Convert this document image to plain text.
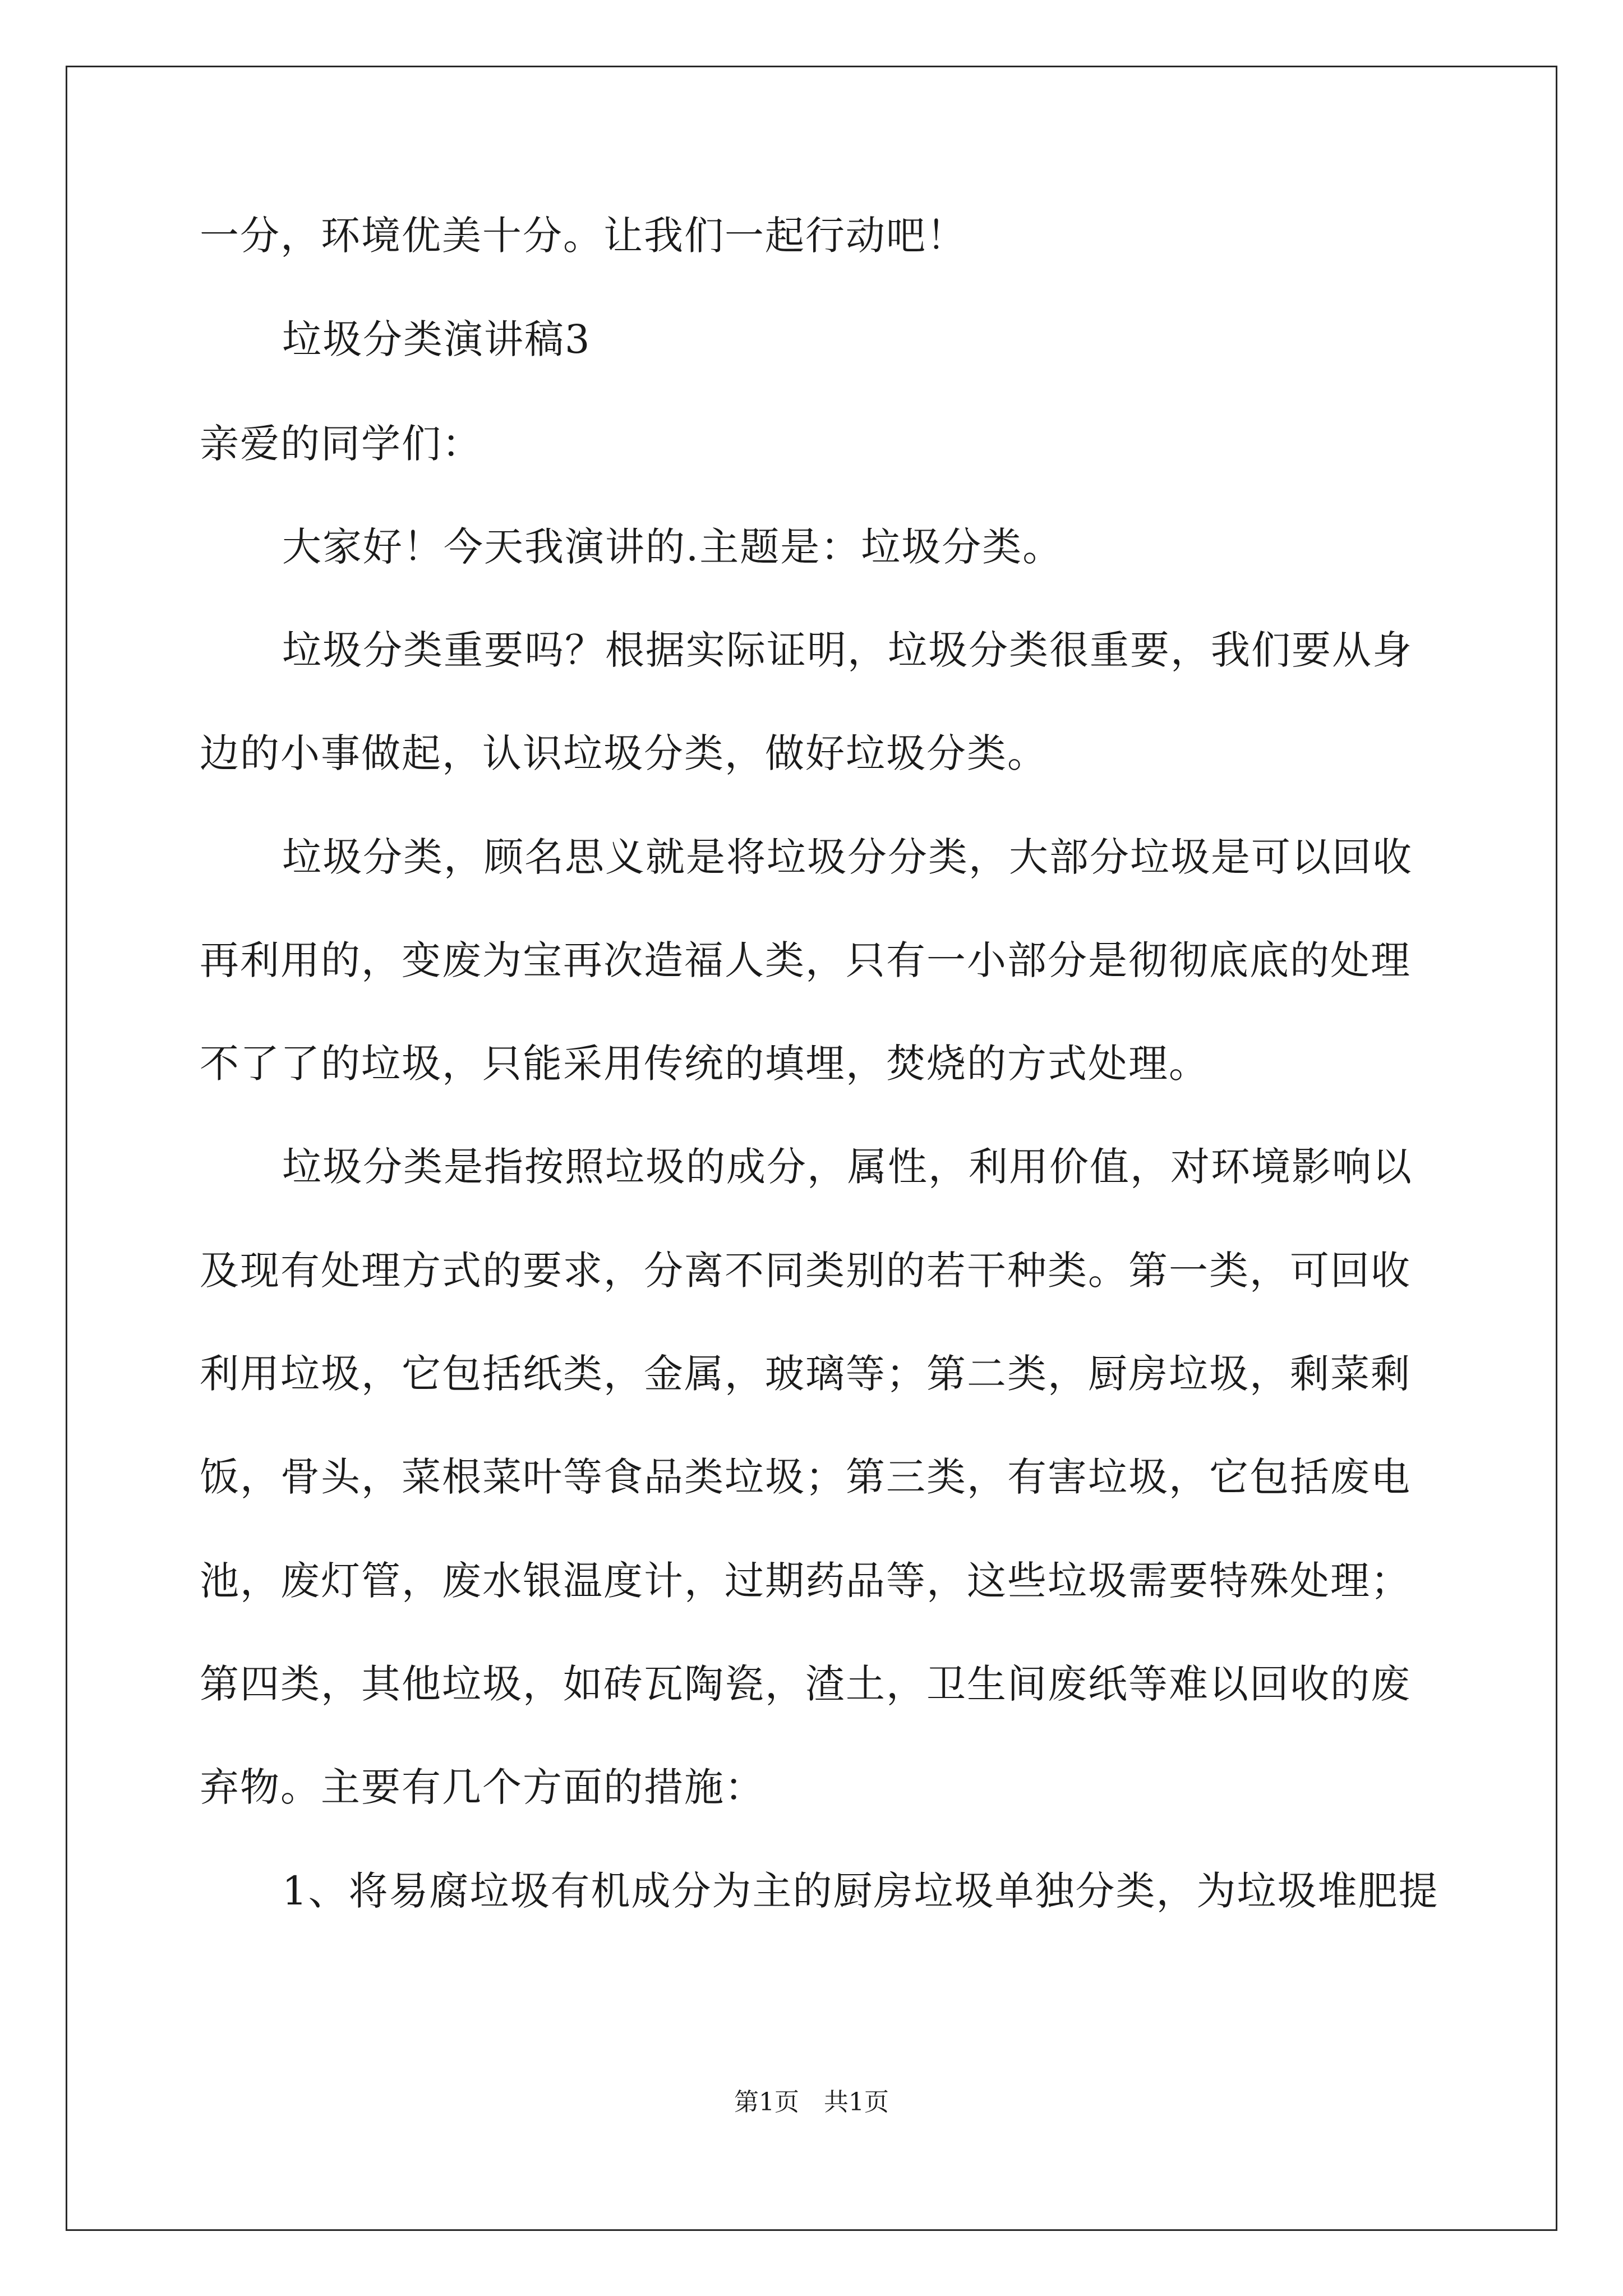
一分，环境优美十分。让我们一起行动吧！
垃圾分类演讲稿3
亲爱的同学们：
大家好！今天我演讲的.主题是：垃圾分类。
垃圾分类重要吗？根据实际证明，垃圾分类很重要，我们要从身
边的小事做起，认识垃圾分类，做好垃圾分类。
垃圾分类，顾名思义就是将垃圾分分类，大部分垃圾是可以回收
再利用的，变废为宝再次造福人类，只有一小部分是彻彻底底的处理
不了了的垃圾，只能采用传统的填埋，焚烧的方式处理。
垃圾分类是指按照垃圾的成分，属性，利用价值，对环境影响以
及现有处理方式的要求，分离不同类别的若干种类。第一类，可回收
利用垃圾，它包括纸类，金属，玻璃等；第二类，厨房垃圾，剩菜剩
饭，骨头，菜根菜叶等食品类垃圾；第三类，有害垃圾，它包括废电
池，废灯管，废水银温度计，过期药品等，这些垃圾需要特殊处理；
第四类，其他垃圾，如砖瓦陶瓷，渣土，卫生间废纸等难以回收的废
弃物。主要有几个方面的措施：
1、将易腐垃圾有机成分为主的厨房垃圾单独分类，为垃圾堆肥提
第1页　共1页
